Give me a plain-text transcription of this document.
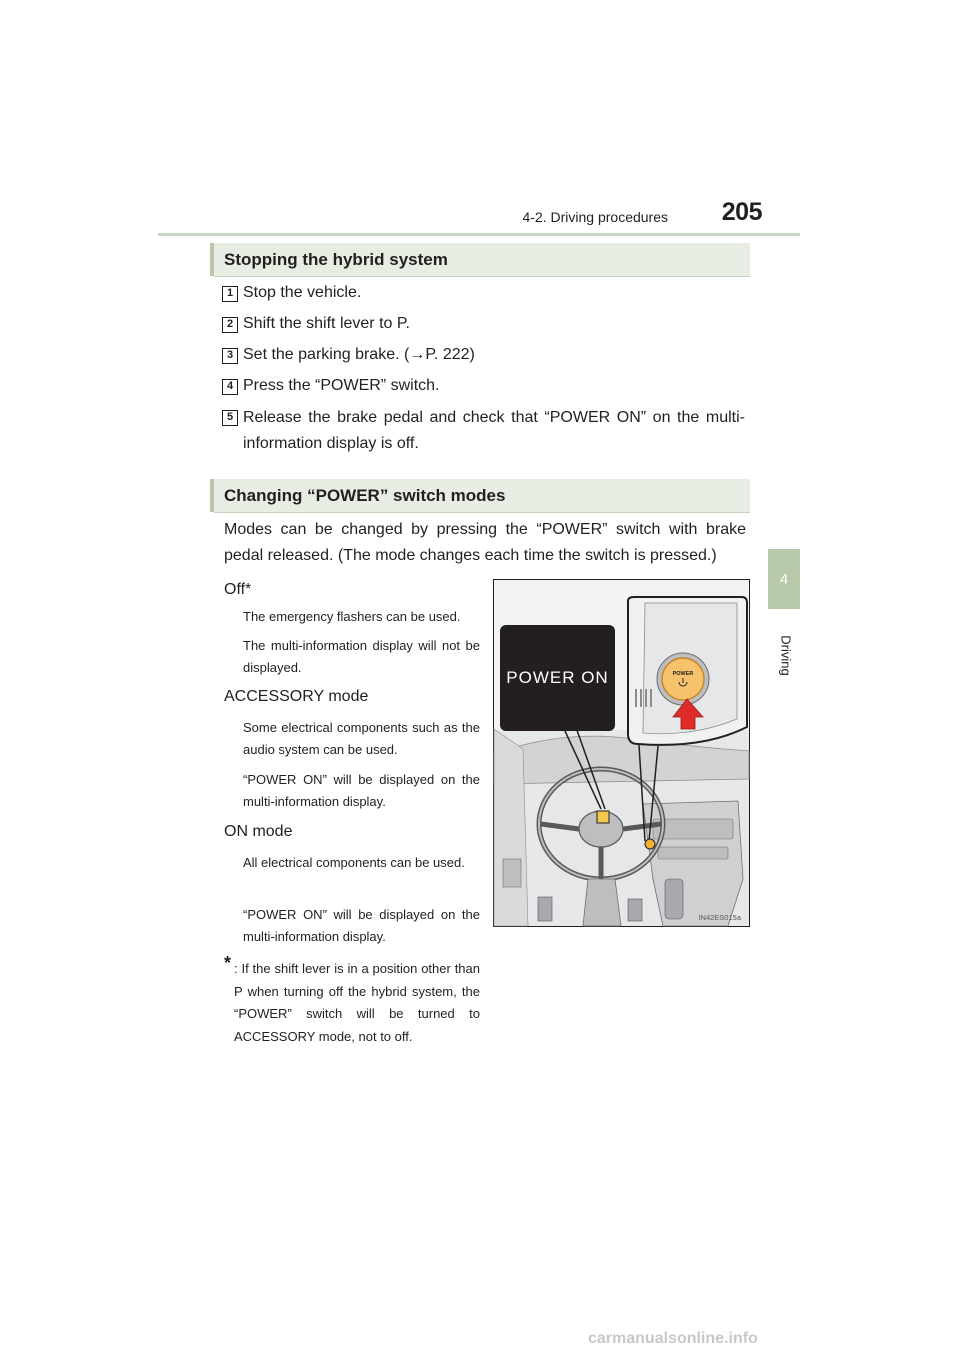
4-2. Driving procedures	205
4
Driving
Stopping the hybrid system
1 Stop the vehicle.
2 Shift the shift lever to P.
3 Set the parking brake. (→P. 222)
4 Press the “POWER” switch.
5 Release the brake pedal and check that “POWER ON” on the multi-information display is off.
Changing “POWER” switch modes
Modes can be changed by pressing the “POWER” switch with brake pedal released. (The mode changes each time the switch is pressed.)
Off*
The emergency flashers can be used.
The multi-information display will not be displayed.
ACCESSORY mode
Some electrical components such as the audio system can be used.
“POWER ON” will be displayed on the multi-information display.
ON mode
All electrical components can be used.
“POWER ON” will be displayed on the multi-information display.
* : If the shift lever is in a position other than P when turning off the hybrid system, the “POWER” switch will be turned to ACCESSORY mode, not to off.
POWER ON	POWER
IN42ES015a
carmanualsonline.info
